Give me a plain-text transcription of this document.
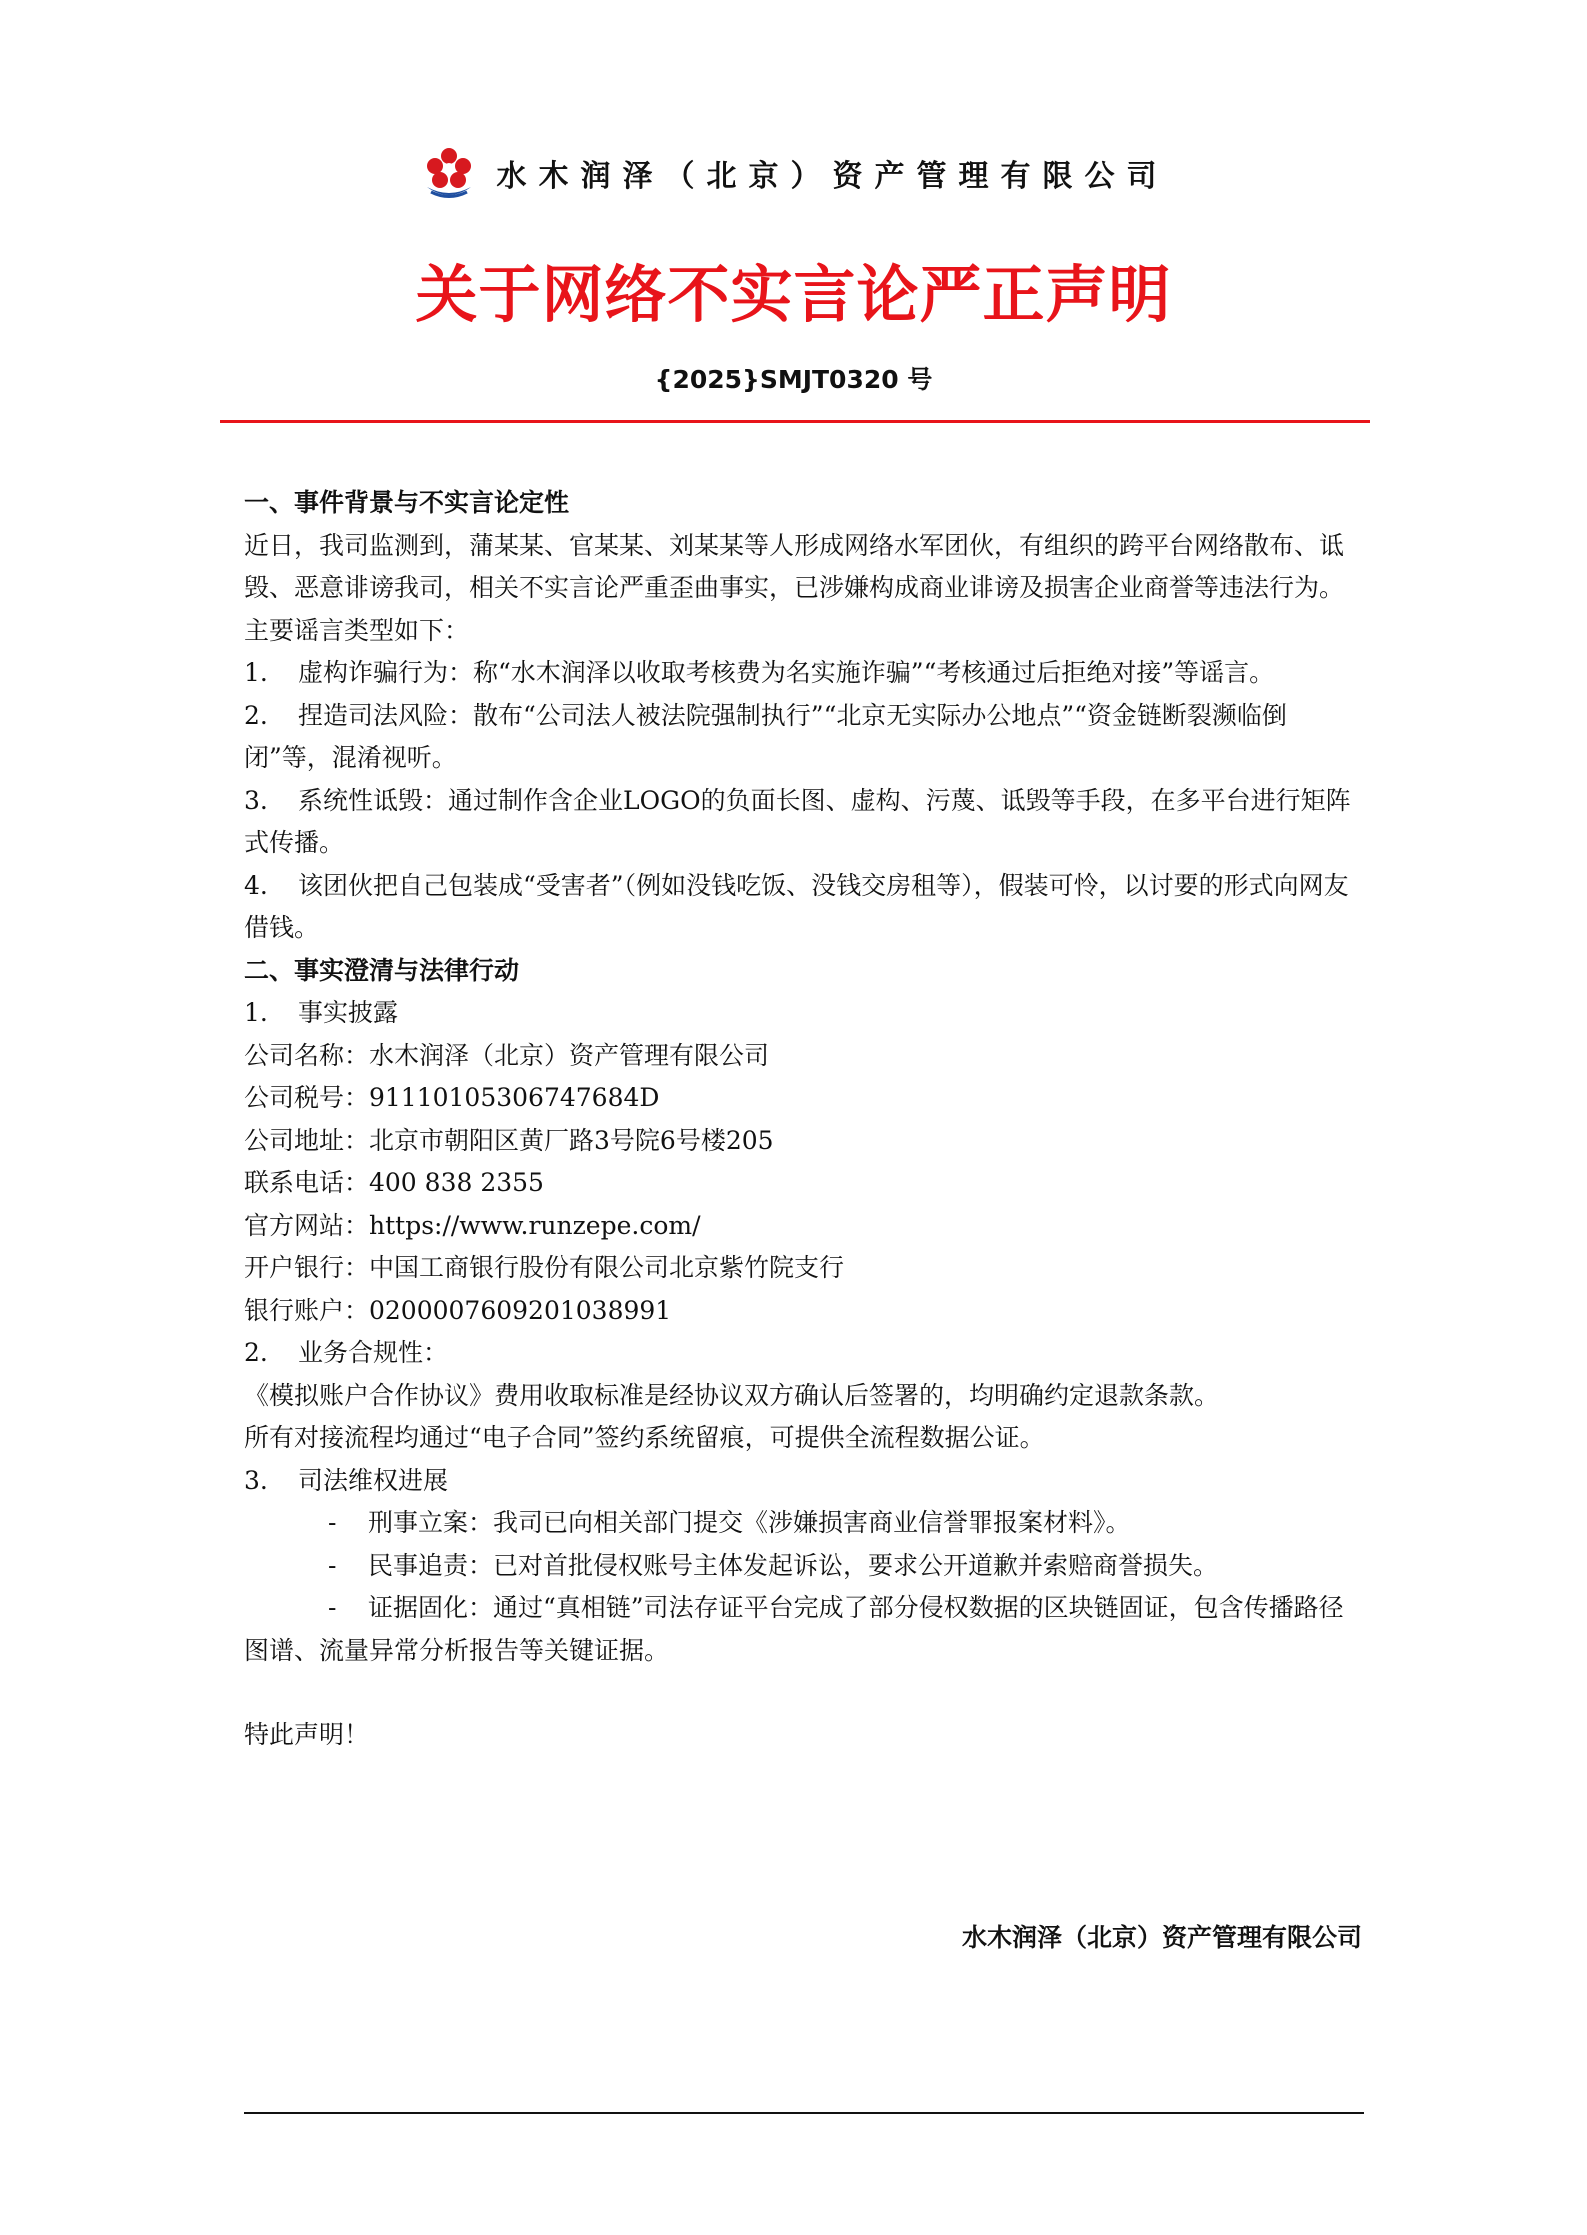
水木润泽（北京）资产管理有限公司
关于网络不实言论严正声明
{2025}SMJT0320 号

一、事件背景与不实言论定性

近日，我司监测到，蒲某某、官某某、刘某某等人形成网络水军团伙，有组织的跨平台网络散布、诋毁、恶意诽谤我司，相关不实言论严重歪曲事实，已涉嫌构成商业诽谤及损害企业商誉等违法行为。

主要谣言类型如下：

1. 虚构诈骗行为：称“水木润泽以收取考核费为名实施诈骗”“考核通过后拒绝对接”等谣言。

2. 捏造司法风险：散布“公司法人被法院强制执行”“北京无实际办公地点”“资金链断裂濒临倒闭”等，混淆视听。

3. 系统性诋毁：通过制作含企业LOGO的负面长图、虚构、污蔑、诋毁等手段，在多平台进行矩阵式传播。

4. 该团伙把自己包装成“受害者”（例如没钱吃饭、没钱交房租等），假装可怜，以讨要的形式向网友借钱。

二、事实澄清与法律行动

1. 事实披露

公司名称：水木润泽（北京）资产管理有限公司

公司税号：91110105306747684D

公司地址：北京市朝阳区黄厂路3号院6号楼205

联系电话：400 838 2355

官方网站：https://www.runzepe.com/

开户银行：中国工商银行股份有限公司北京紫竹院支行

银行账户：0200007609201038991

2. 业务合规性：

《模拟账户合作协议》费用收取标准是经协议双方确认后签署的，均明确约定退款条款。

所有对接流程均通过“电子合同”签约系统留痕，可提供全流程数据公证。

3. 司法维权进展

- 刑事立案：我司已向相关部门提交《涉嫌损害商业信誉罪报案材料》。

- 民事追责：已对首批侵权账号主体发起诉讼，要求公开道歉并索赔商誉损失。

- 证据固化：通过“真相链”司法存证平台完成了部分侵权数据的区块链固证，包含传播路径图谱、流量异常分析报告等关键证据。

特此声明！

水木润泽（北京）资产管理有限公司
